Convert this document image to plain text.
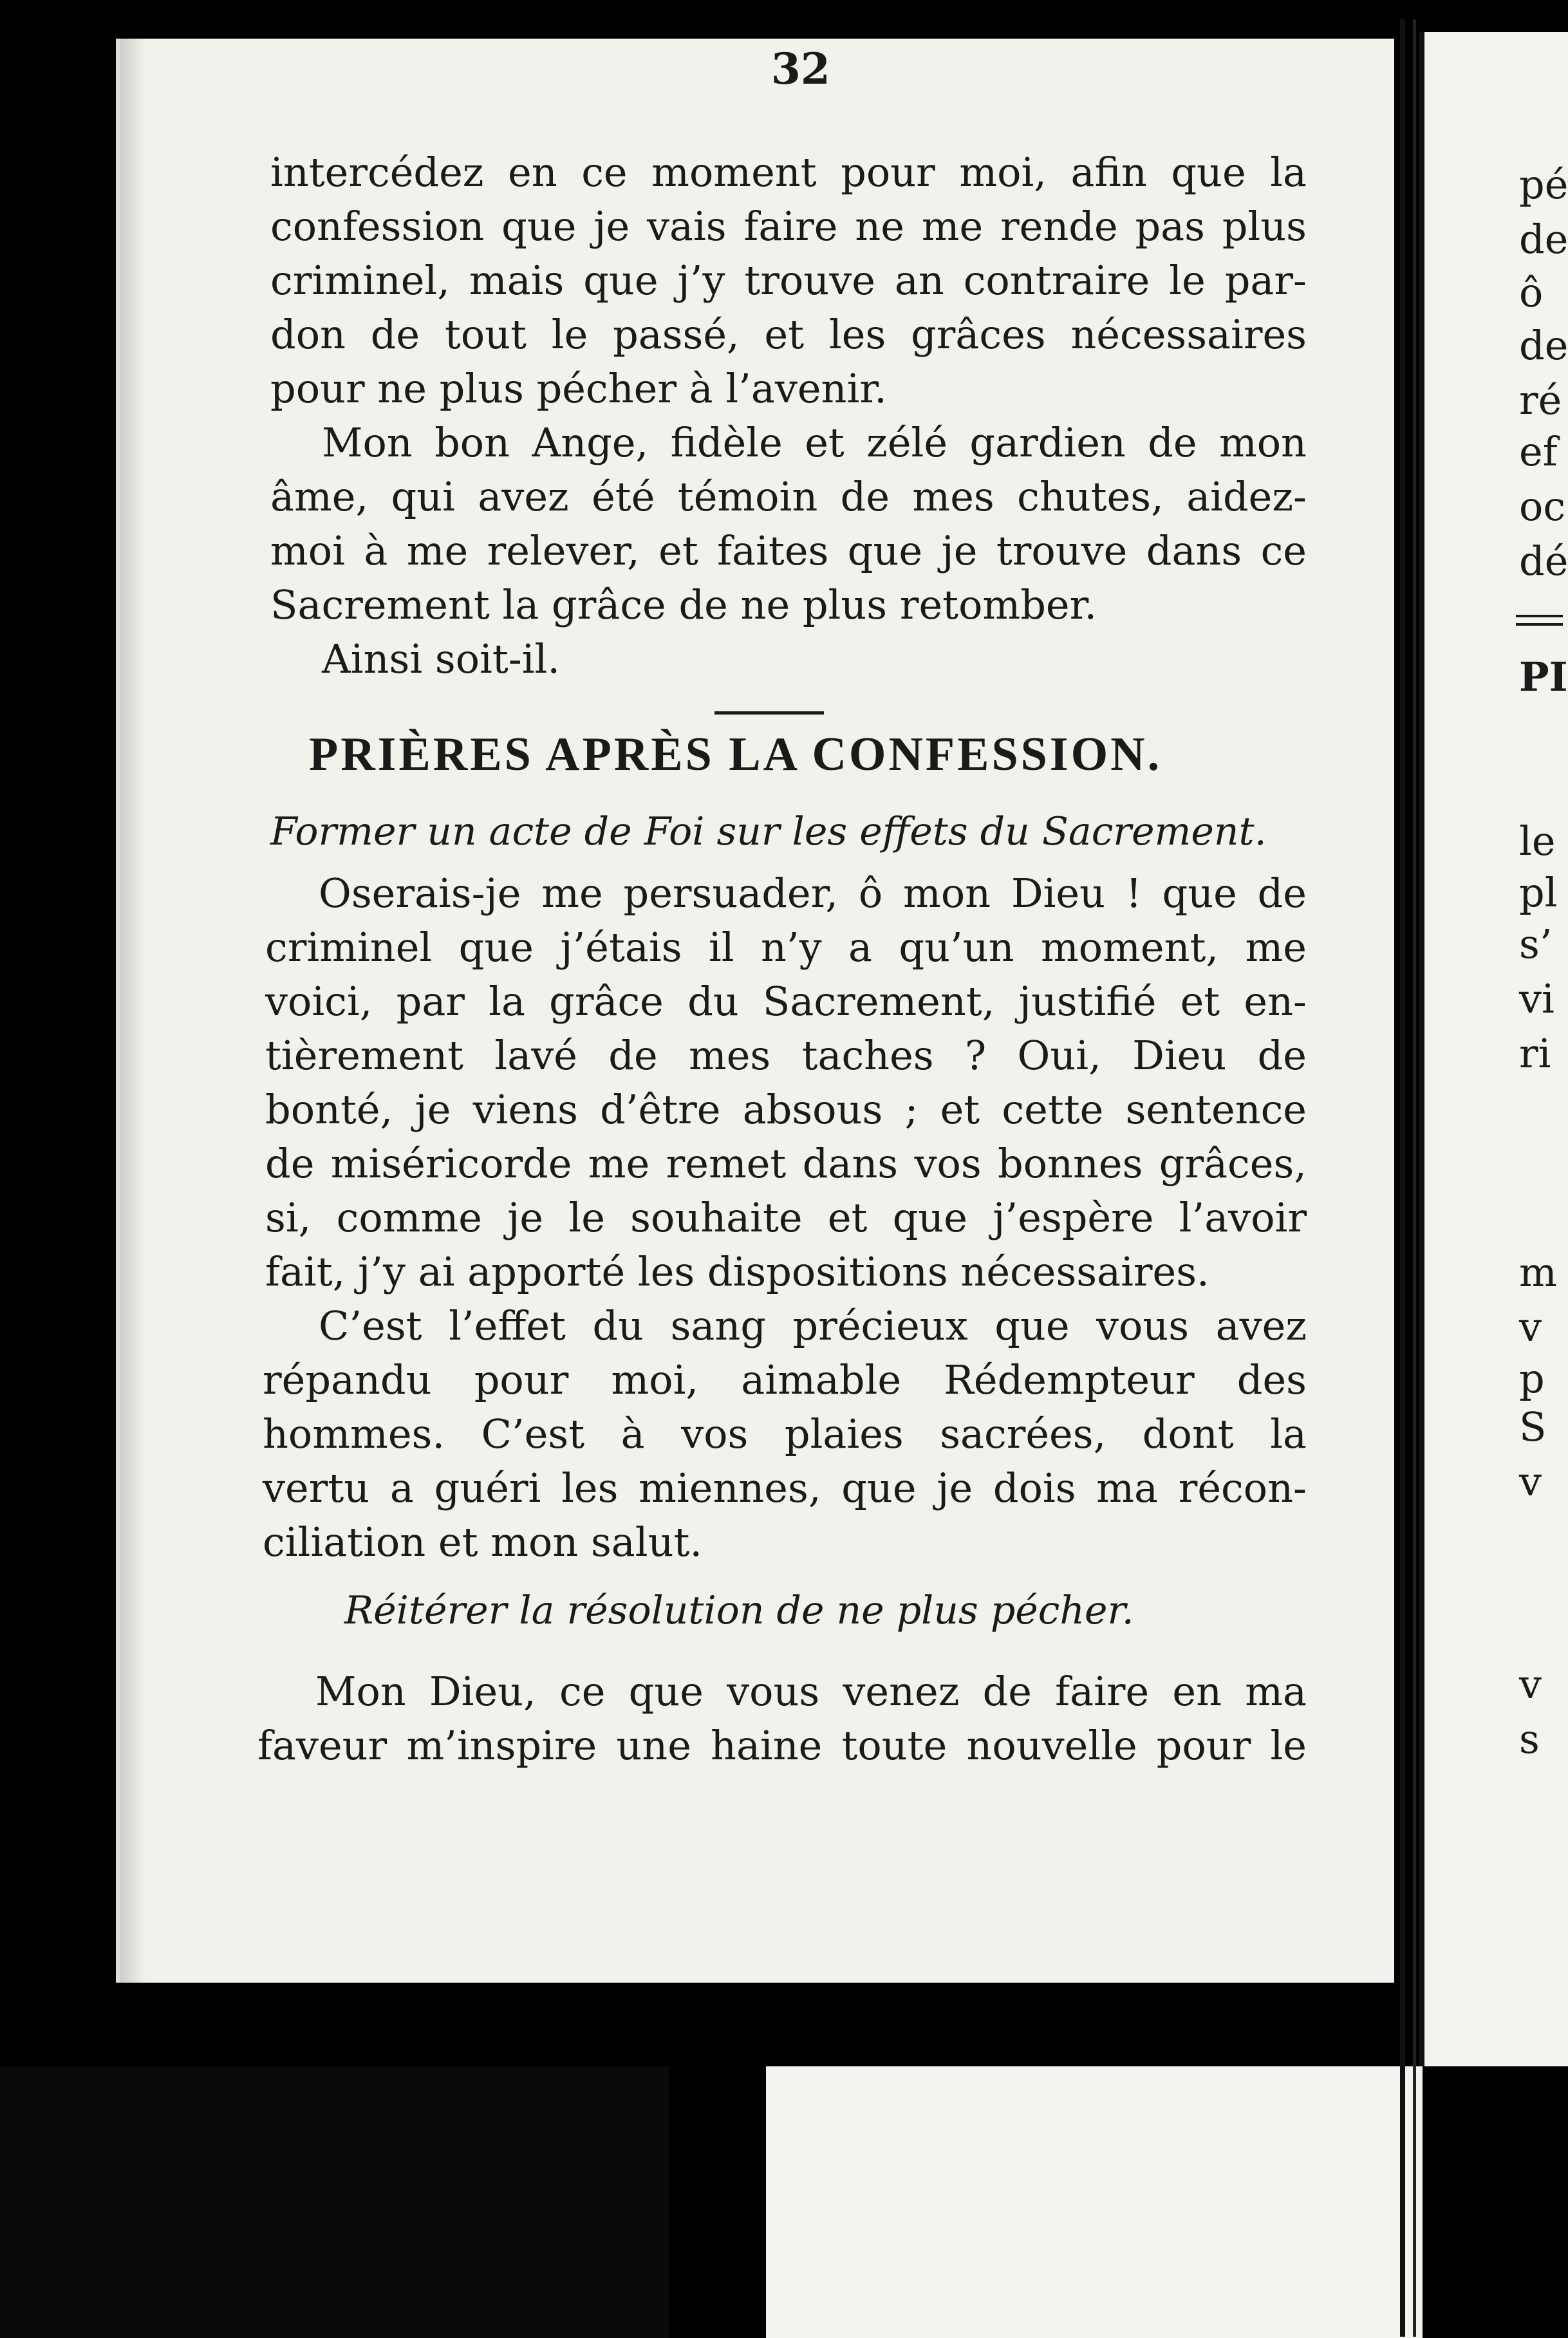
pé
de
ô
de
ré
ef
oc
dé
PI
le
pl
s’
vi
ri
m
v
p
S
v
v
s
32
intercédez en ce moment pour moi, afin que la
confession que je vais faire ne me rende pas plus
criminel, mais que j’y trouve an contraire le par-
don de tout le passé, et les grâces nécessaires
pour ne plus pécher à l’avenir.
Mon bon Ange, fidèle et zélé gardien de mon
âme, qui avez été témoin de mes chutes, aidez-
moi à me relever, et faites que je trouve dans ce
Sacrement la grâce de ne plus retomber.
Ainsi soit-il.
PRIÈRES APRÈS LA CONFESSION.
Former un acte de Foi sur les effets du Sacrement.
Oserais-je me persuader, ô mon Dieu ! que de
criminel que j’étais il n’y a qu’un moment, me
voici, par la grâce du Sacrement, justifié et en-
tièrement lavé de mes taches ? Oui, Dieu de
bonté, je viens d’être absous ; et cette sentence
de miséricorde me remet dans vos bonnes grâces,
si, comme je le souhaite et que j’espère l’avoir
fait, j’y ai apporté les dispositions nécessaires.
C’est l’effet du sang précieux que vous avez
répandu pour moi, aimable Rédempteur des
hommes. C’est à vos plaies sacrées, dont la
vertu a guéri les miennes, que je dois ma récon-
ciliation et mon salut.
Réitérer la résolution de ne plus pécher.
Mon Dieu, ce que vous venez de faire en ma
faveur m’inspire une haine toute nouvelle pour le
